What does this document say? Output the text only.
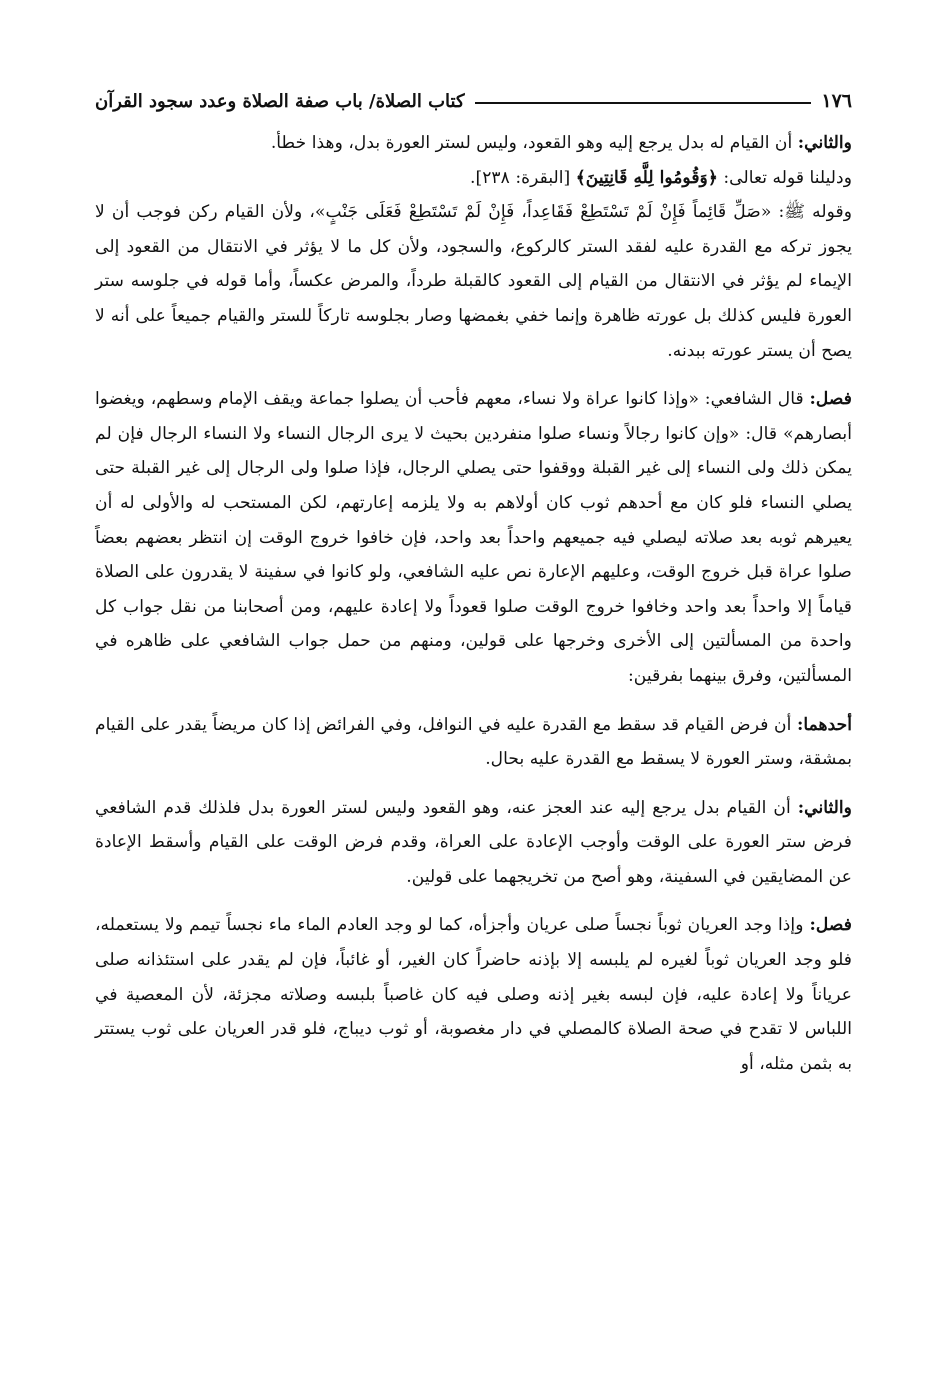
١٧٦
كتاب الصلاة/ باب صفة الصلاة وعدد سجود القرآن

والثاني: أن القيام له بدل يرجع إليه وهو القعود، وليس لستر العورة بدل، وهذا خطأ.

ودليلنا قوله تعالى: ﴿وَقُومُوا لِلَّهِ قَانِتِينَ﴾ [البقرة: ٢٣٨].

وقوله ﷺ: «صَلِّ قَائِماً فَإِنْ لَمْ تَسْتَطِعْ فَقَاعِداً، فَإِنْ لَمْ تَسْتَطِعْ فَعَلَى جَنْبٍ»، ولأن القيام ركن فوجب أن لا يجوز تركه مع القدرة عليه لفقد الستر كالركوع، والسجود، ولأن كل ما لا يؤثر في الانتقال من القعود إلى الإيماء لم يؤثر في الانتقال من القيام إلى القعود كالقبلة طرداً، والمرض عكساً، وأما قوله في جلوسه ستر العورة فليس كذلك بل عورته ظاهرة وإنما خفي بغمضها وصار بجلوسه تاركاً للستر والقيام جميعاً على أنه لا يصح أن يستر عورته ببدنه.

فصل: قال الشافعي: «وإذا كانوا عراة ولا نساء، معهم فأحب أن يصلوا جماعة ويقف الإمام وسطهم، ويغضوا أبصارهم» قال: «وإن كانوا رجالاً ونساء صلوا منفردين بحيث لا يرى الرجال النساء ولا النساء الرجال فإن لم يمكن ذلك ولى النساء إلى غير القبلة ووقفوا حتى يصلي الرجال، فإذا صلوا ولى الرجال إلى غير القبلة حتى يصلي النساء فلو كان مع أحدهم ثوب كان أولاهم به ولا يلزمه إعارتهم، لكن المستحب له والأولى له أن يعيرهم ثوبه بعد صلاته ليصلي فيه جميعهم واحداً بعد واحد، فإن خافوا خروج الوقت إن انتظر بعضهم بعضاً صلوا عراة قبل خروج الوقت، وعليهم الإعارة نص عليه الشافعي، ولو كانوا في سفينة لا يقدرون على الصلاة قياماً إلا واحداً بعد واحد وخافوا خروج الوقت صلوا قعوداً ولا إعادة عليهم، ومن أصحابنا من نقل جواب كل واحدة من المسألتين إلى الأخرى وخرجها على قولين، ومنهم من حمل جواب الشافعي على ظاهره في المسألتين، وفرق بينهما بفرقين:

أحدهما: أن فرض القيام قد سقط مع القدرة عليه في النوافل، وفي الفرائض إذا كان مريضاً يقدر على القيام بمشقة، وستر العورة لا يسقط مع القدرة عليه بحال.

والثاني: أن القيام بدل يرجع إليه عند العجز عنه، وهو القعود وليس لستر العورة بدل فلذلك قدم الشافعي فرض ستر العورة على الوقت وأوجب الإعادة على العراة، وقدم فرض الوقت على القيام وأسقط الإعادة عن المضايقين في السفينة، وهو أصح من تخريجهما على قولين.

فصل: وإذا وجد العريان ثوباً نجساً صلى عريان وأجزأه، كما لو وجد العادم الماء ماء نجساً تيمم ولا يستعمله، فلو وجد العريان ثوباً لغيره لم يلبسه إلا بإذنه حاضراً كان الغير، أو غائباً، فإن لم يقدر على استئذانه صلى عرياناً ولا إعادة عليه، فإن لبسه بغير إذنه وصلى فيه كان غاصباً بلبسه وصلاته مجزئة، لأن المعصية في اللباس لا تقدح في صحة الصلاة كالمصلي في دار مغصوبة، أو ثوب ديباج، فلو قدر العريان على ثوب يستتر به بثمن مثله، أو
